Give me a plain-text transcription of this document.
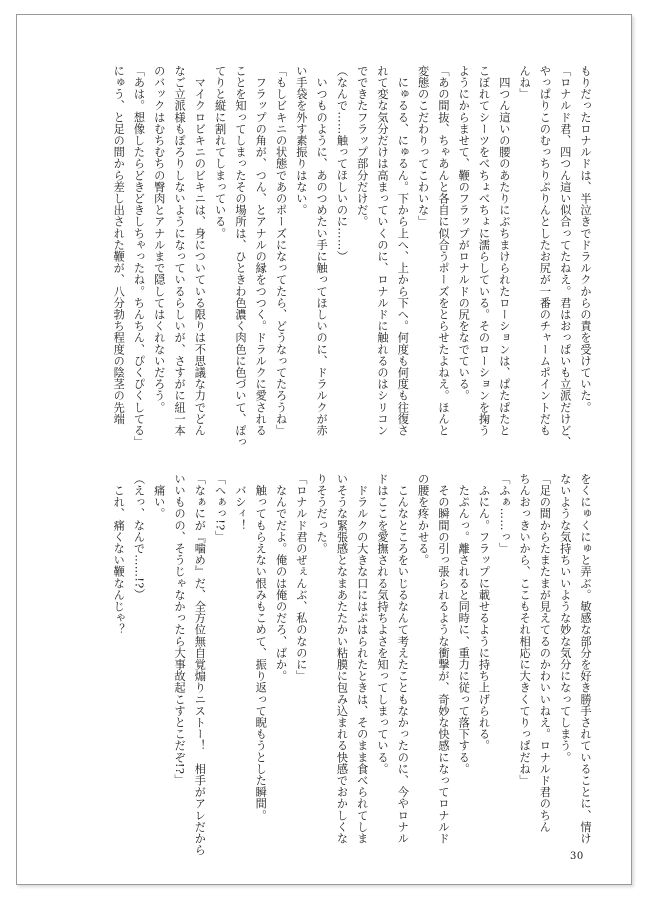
もりだったロナルドは、半泣きでドラルクからの責を受けていた。
「ロナルド君、四つん這い似合ってたねえ。君はおっぱいも立派だけど、
やっぱりこのむっちりぷりんとしたお尻が一番のチャームポイントだも
んね」
　四つん這いの腰のあたりにぶちまけられたローションは、ぱたぱたと
こぼれてシーツをべちょべちょに濡らしている。そのローションを掬う
ようにからませて、鞭のフラップがロナルドの尻をなでている。
「あの間抜、ちゃあんと各自に似合うポーズをとらせたよねえ。ほんと
変態のこだわりってこわいな」
　にゅるる、にゅるん。下から上へ、上から下へ。何度も何度も往復さ
れて変な気分だけは高まっていくのに、ロナルドに触れるのはシリコン
でできたフラップ部分だけだ。
（なんで……触ってほしいのに……）
　いつものように、あのつめたい手に触ってほしいのに、ドラルクが赤
い手袋を外す素振りはない。
「もしビキニの状態であのポーズになってたら、どうなってたろうね」
　フラップの角が、つん、とアナルの縁をつつく。ドラルクに愛される
ことを知ってしまったその場所は、ひときわ色濃く肉色に色づいて、ぽっ
てりと縦に割れてしまっている。
　マイクロビキニのビキニは、身についている限りは不思議な力でどん
なご立派様もぽろりしないようになっているらしいが、さすがに紐一本
のバックはむちむちの臀肉とアナルまで隠してはくれないだろう。
「あは。想像したらどきどきしちゃったね。ちんちん、ぴくぴくしてる」
にゅう、と足の間から差し出された鞭が、八分勃ち程度の陰茎の先端
をくにゅくにゅと弄ぶ。敏感な部分を好き勝手されていることに、情け
ないような気持ちいいような妙な気分になってしまう。
「足の間からたまたまが見えてるのかわいいねえ。ロナルド君のちん
ちんおっきいから、ここもそれ相応に大きくてりっぱだね」
「ふぁ……っ」
　ふにん。フラップに載せるように持ち上げられる。
　たぷんっ。離されると同時に、重力に従って落下する。
　その瞬間の引っ張られるような衝撃が、奇妙な快感になってロナルド
の腰を疼かせる。
　こんなところをいじるなんて考えたこともなかったのに、今やロナル
ドはここを愛撫される気持ちよさを知ってしまっている。
　ドラルクの大きな口にはぷはられたときは、そのまま食べられてしま
いそうな緊張感となまあたたかい粘膜に包み込まれる快感でおかしくな
りそうだった。
「ロナルド君のぜぇんぶ、私のなのに」
　なんでだよ。俺のは俺のだろ、ばか。
　触ってもらえない恨みもこめて、振り返って睨もうとした瞬間。
　バシィ！
「へぁっ!?」
「なぁにが『噛め』だ、全方位無自覚煽りニストー！　相手がアレだから
いいものの、そうじゃなかったら大事故起こすとこだぞ!?」
　痛い。
（えっ、なんで……!?）
　これ、痛くない鞭なんじゃ？
30
